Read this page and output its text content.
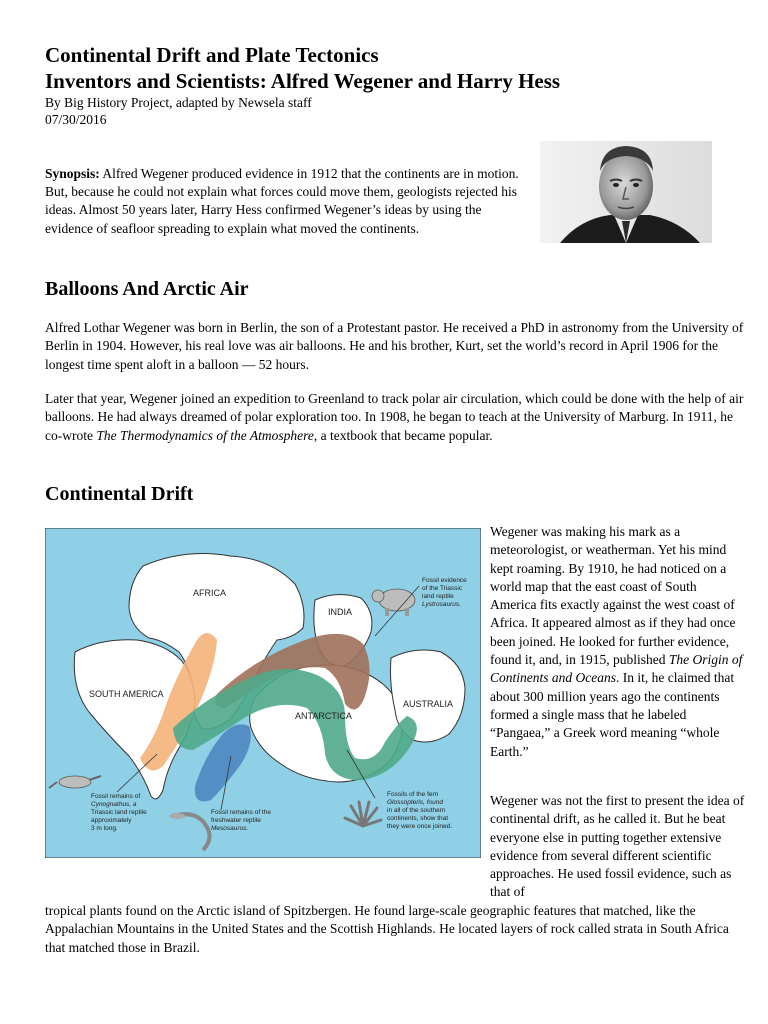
Continental Drift and Plate Tectonics
Inventors and Scientists: Alfred Wegener and Harry Hess
By Big History Project, adapted by Newsela staff
07/30/2016
Synopsis: Alfred Wegener produced evidence in 1912 that the continents are in motion. But, because he could not explain what forces could move them, geologists rejected his ideas. Almost 50 years later, Harry Hess confirmed Wegener’s ideas by using the evidence of seafloor spreading to explain what moved the continents.
Balloons And Arctic Air

Alfred Lothar Wegener was born in Berlin, the son of a Protestant pastor. He received a PhD in astronomy from the University of Berlin in 1904. However, his real love was air balloons. He and his brother, Kurt, set the world’s record in April 1906 for the longest time spent aloft in a balloon — 52 hours.

Later that year, Wegener joined an expedition to Greenland to track polar air circulation, which could be done with the help of air balloons. He had always dreamed of polar exploration too. In 1908, he began to teach at the University of Marburg. In 1911, he co-wrote The Thermodynamics of the Atmosphere, a textbook that became popular.

Continental Drift
AFRICA
INDIA
SOUTH AMERICA
ANTARCTICA
AUSTRALIA
Fossil evidence of the Triassic land reptile Lystrosaurus.
Fossil remains of Cynognathus, a Triassic land reptile approximately 3 m long.
Fossil remains of the freshwater reptile Mesosaurus.
Fossils of the fern Glossopteris, found in all of the southern continents, show that they were once joined.

Wegener was making his mark as a meteorologist, or weatherman. Yet his mind kept roaming. By 1910, he had noticed on a world map that the east coast of South America fits exactly against the west coast of Africa. It appeared almost as if they had once been joined. He looked for further evidence, found it, and, in 1915, published The Origin of Continents and Oceans. In it, he claimed that about 300 million years ago the continents formed a single mass that he labeled “Pangaea,” a Greek word meaning “whole Earth.”

Wegener was not the first to present the idea of continental drift, as he called it. But he beat everyone else in putting together extensive evidence from several different scientific approaches. He used fossil evidence, such as that of

tropical plants found on the Arctic island of Spitzbergen. He found large-scale geographic features that matched, like the Appalachian Mountains in the United States and the Scottish Highlands. He located layers of rock called strata in South Africa that matched those in Brazil.
